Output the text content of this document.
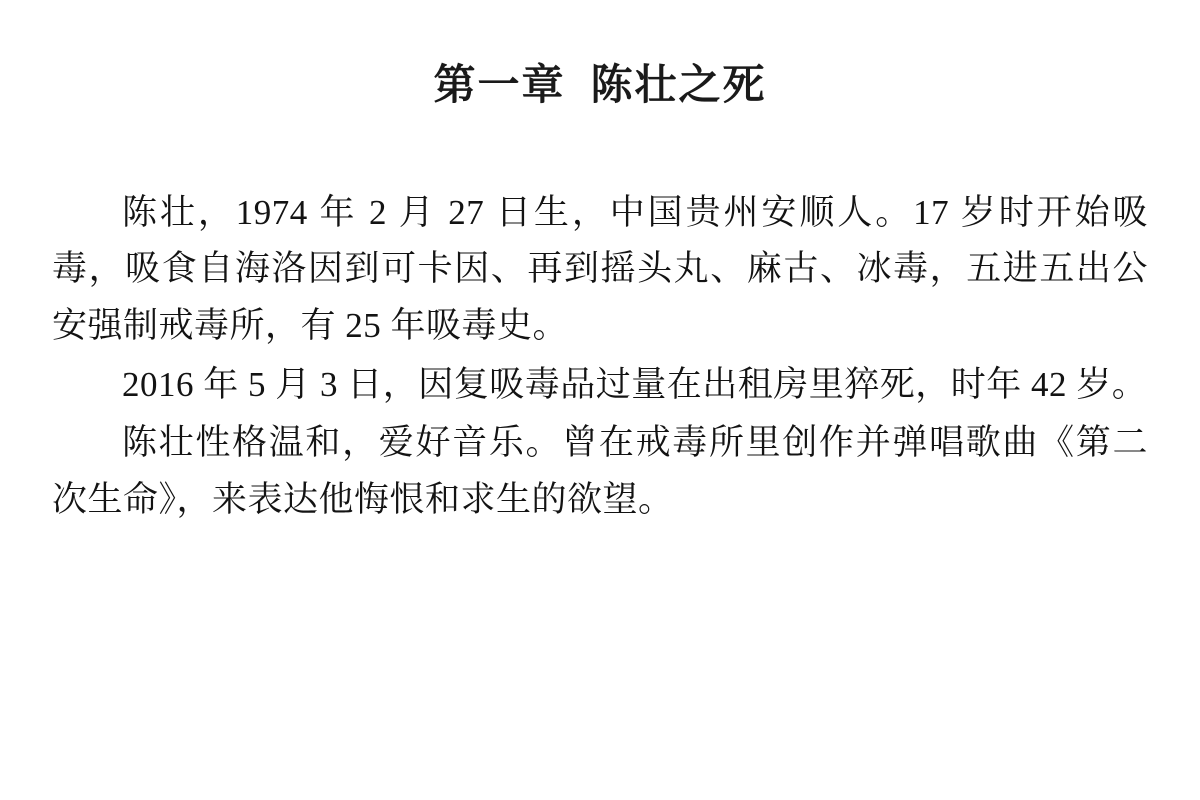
第一章  陈壮之死

陈壮，1974 年 2 月 27 日生，中国贵州安顺人。17 岁时开始吸毒，吸食自海洛因到可卡因、再到摇头丸、麻古、冰毒，五进五出公安强制戒毒所，有 25 年吸毒史。

2016 年 5 月 3 日，因复吸毒品过量在出租房里猝死，时年 42 岁。

陈壮性格温和，爱好音乐。曾在戒毒所里创作并弹唱歌曲《第二次生命》，来表达他悔恨和求生的欲望。
